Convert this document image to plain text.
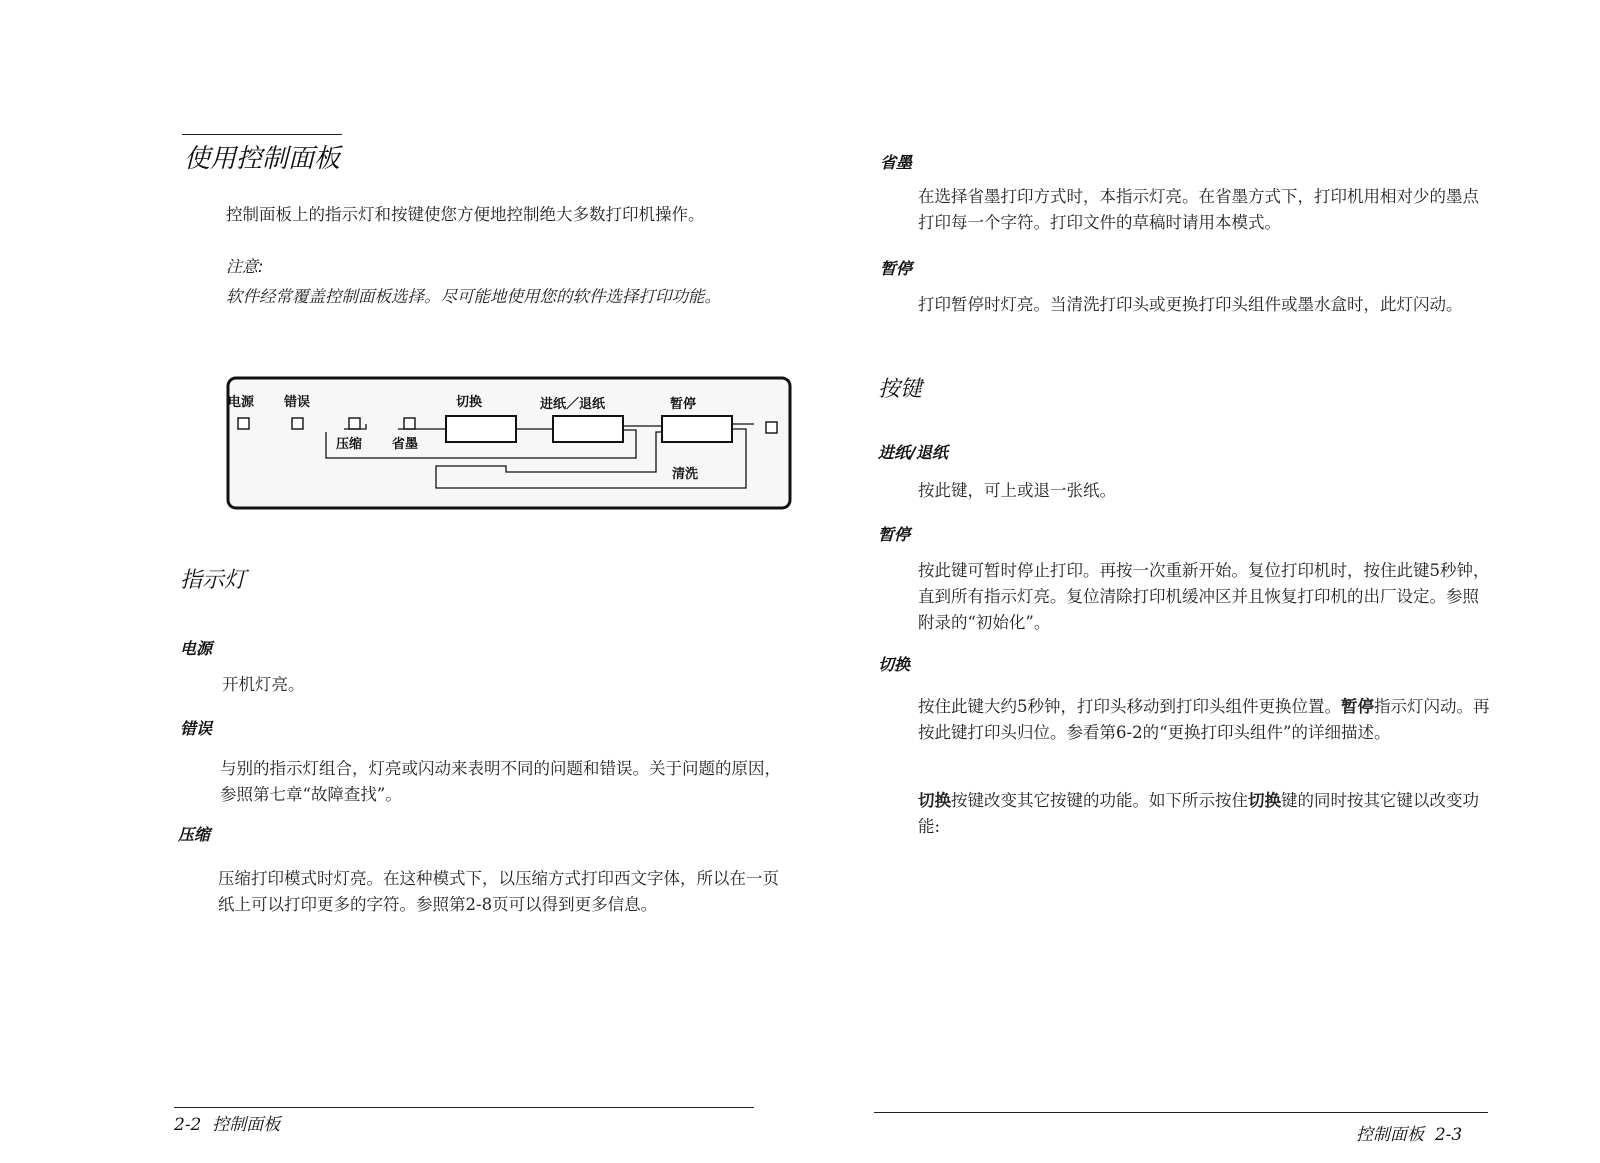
使用控制面板
控制面板上的指示灯和按键使您方便地控制绝大多数打印机操作。
注意:
软件经常覆盖控制面板选择。尽可能地使用您的软件选择打印功能。
电源 错误	切换	进纸／退纸	暂停
压缩 省墨
清洗
指示灯
电源
开机灯亮。
错误
与别的指示灯组合，灯亮或闪动来表明不同的问题和错误。关于问题的原因，参照第七章“故障查找”。
压缩
压缩打印模式时灯亮。在这种模式下，以压缩方式打印西文字体，所以在一页纸上可以打印更多的字符。参照第2-8页可以得到更多信息。
2-2 控制面板
省墨
在选择省墨打印方式时，本指示灯亮。在省墨方式下，打印机用相对少的墨点打印每一个字符。打印文件的草稿时请用本模式。
暂停
打印暂停时灯亮。当清洗打印头或更换打印头组件或墨水盒时，此灯闪动。
按键
进纸/退纸
按此键，可上或退一张纸。
暂停
按此键可暂时停止打印。再按一次重新开始。复位打印机时，按住此键5秒钟，直到所有指示灯亮。复位清除打印机缓冲区并且恢复打印机的出厂设定。参照附录的“初始化”。
切换
按住此键大约5秒钟，打印头移动到打印头组件更换位置。暂停指示灯闪动。再按此键打印头归位。参看第6-2的“更换打印头组件”的详细描述。
切换按键改变其它按键的功能。如下所示按住切换键的同时按其它键以改变功能:
控制面板 2-3
